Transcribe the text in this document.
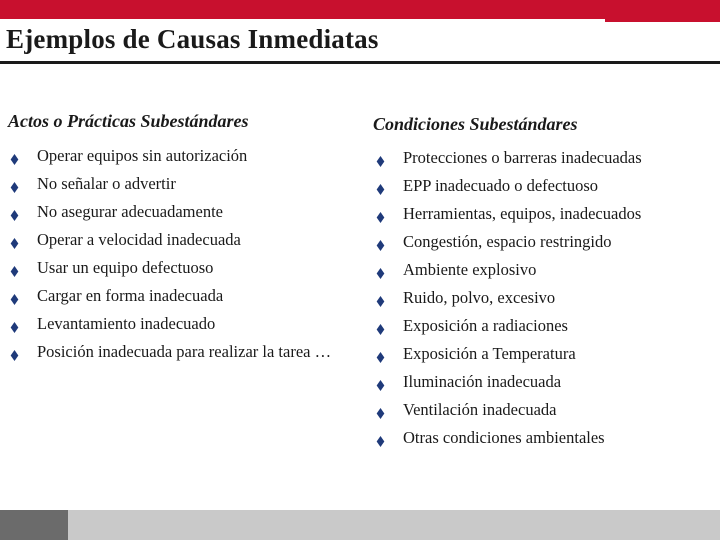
Ejemplos de Causas Inmediatas
Actos o Prácticas Subestándares
Operar equipos sin autorización
No señalar o advertir
No asegurar adecuadamente
Operar a velocidad inadecuada
Usar un equipo defectuoso
Cargar en forma inadecuada
Levantamiento inadecuado
Posición inadecuada para realizar la tarea …
Condiciones Subestándares
Protecciones o barreras inadecuadas
EPP inadecuado o defectuoso
Herramientas, equipos, inadecuados
Congestión, espacio restringido
Ambiente explosivo
Ruido, polvo, excesivo
Exposición a radiaciones
Exposición a Temperatura
Iluminación inadecuada
Ventilación inadecuada
Otras condiciones ambientales
